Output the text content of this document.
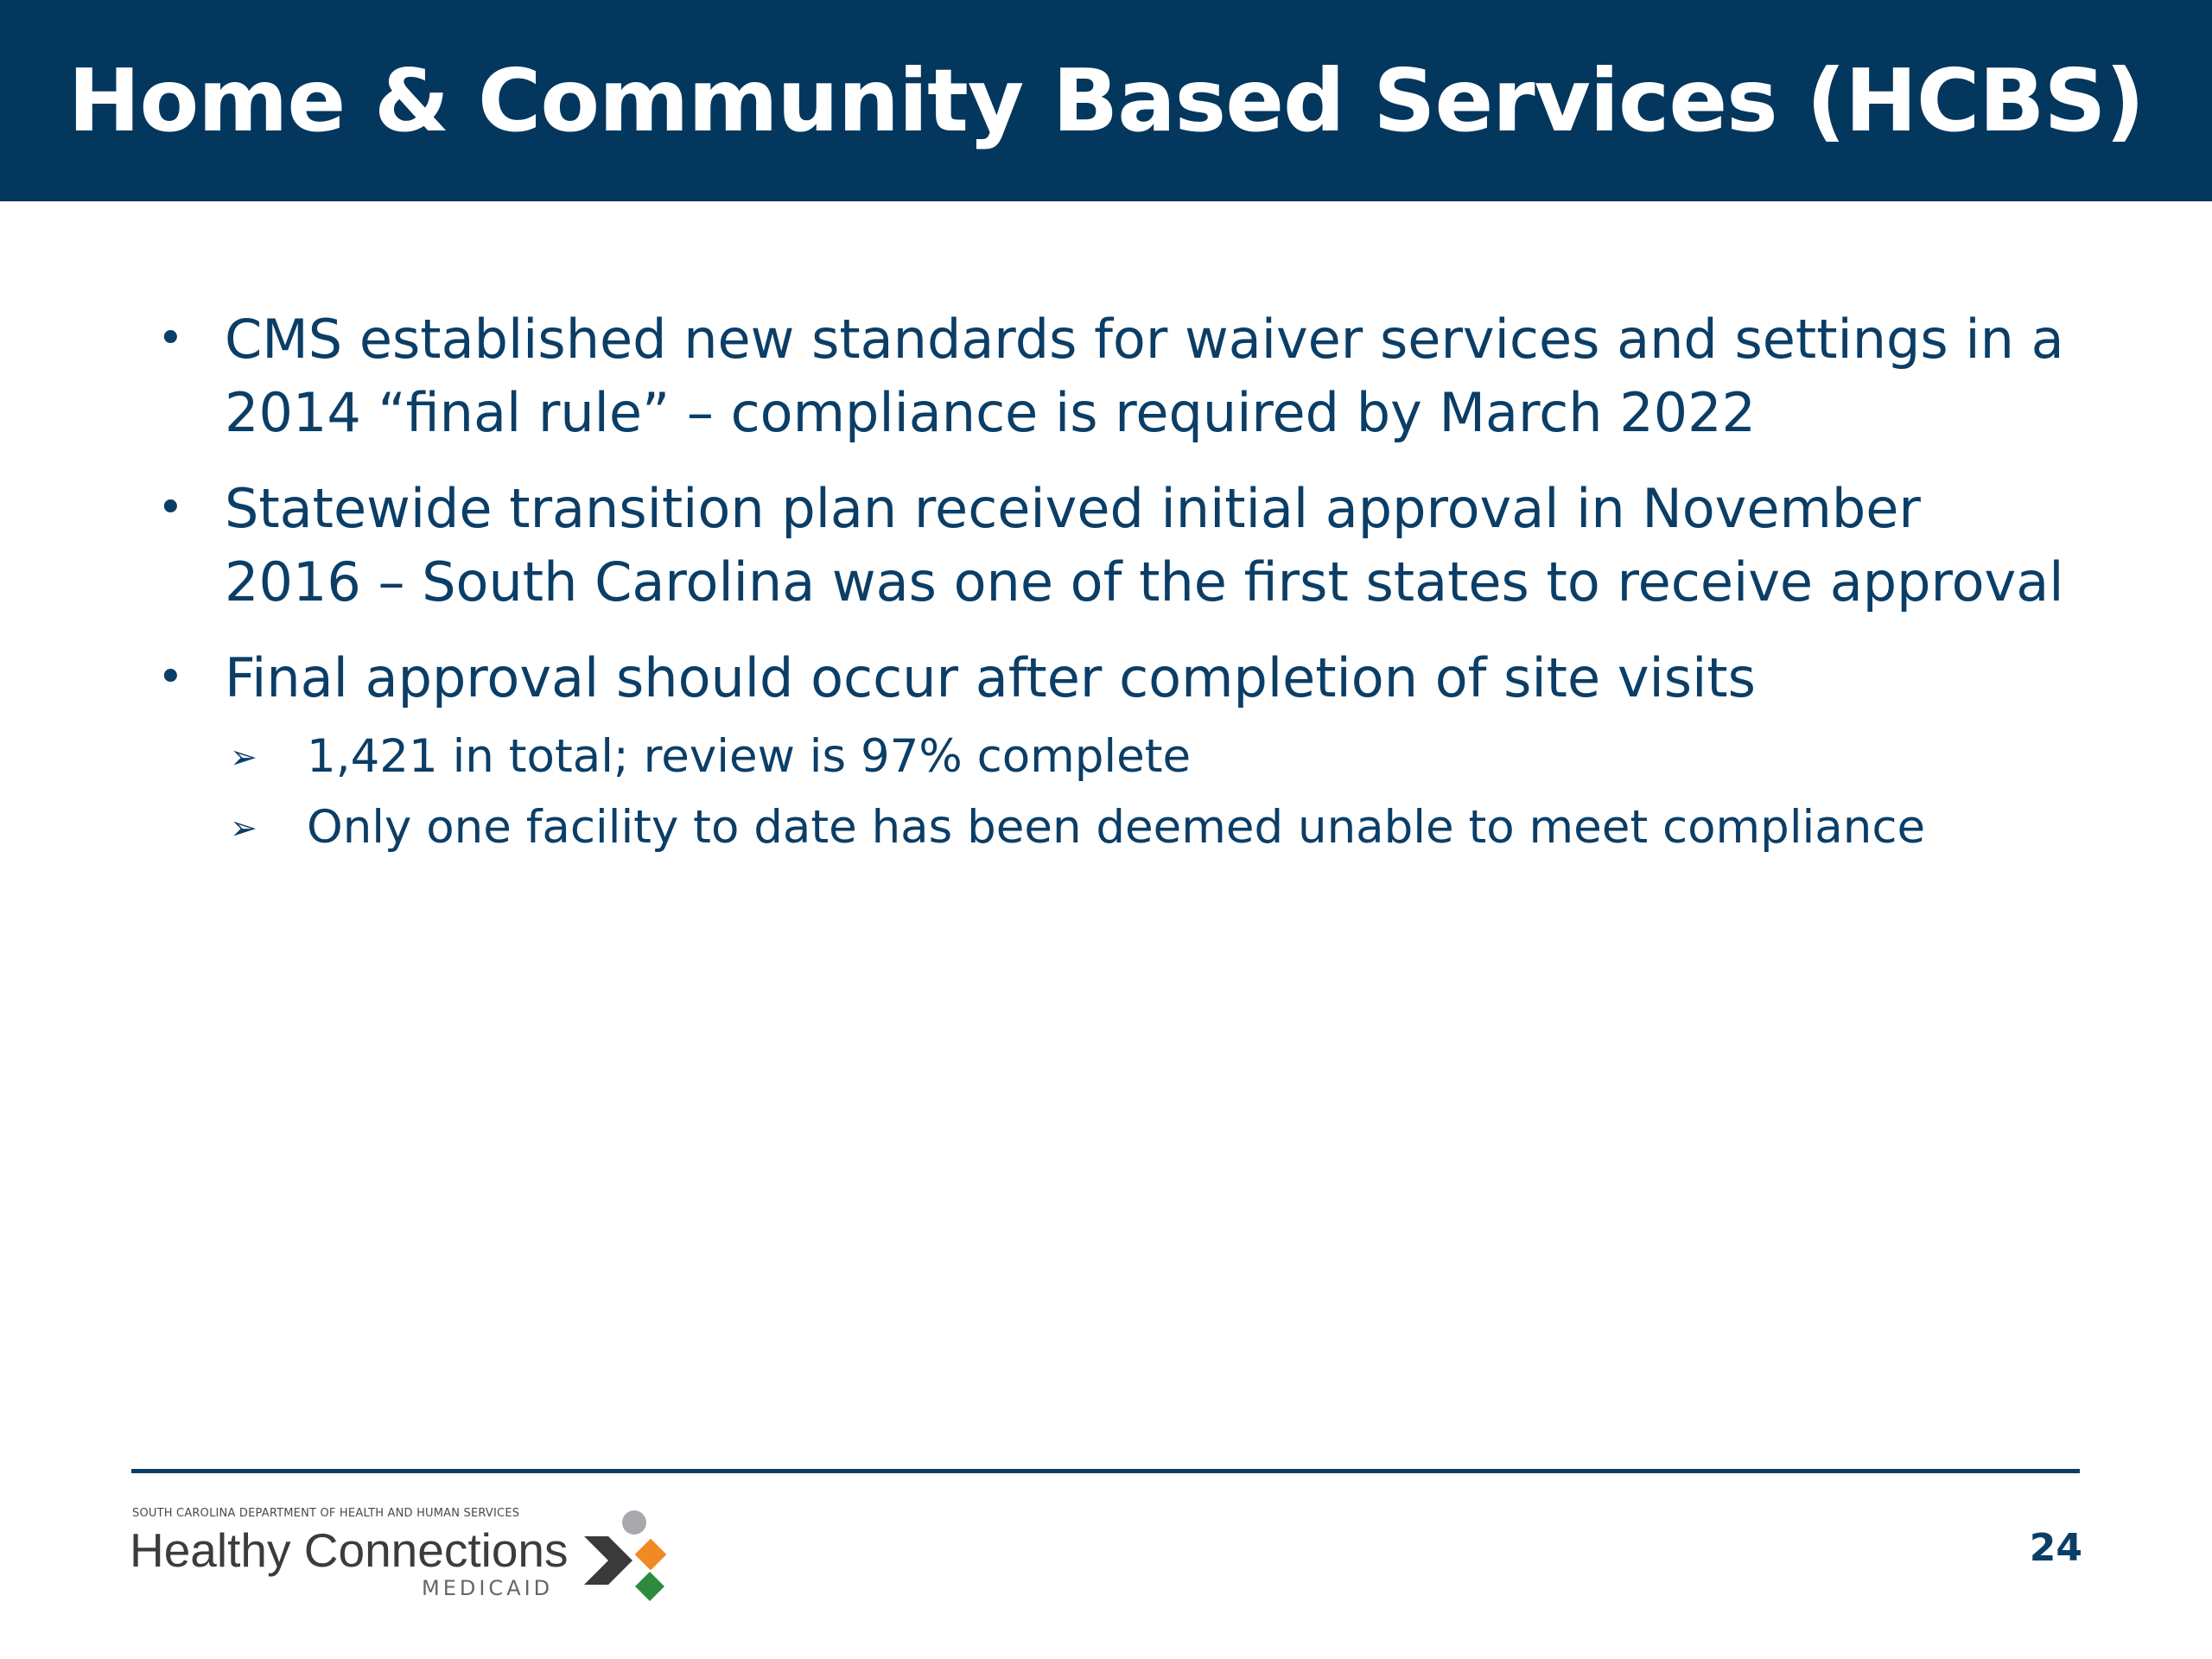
Home & Community Based Services (HCBS)
• CMS established new standards for waiver services and settings in a 2014 “final rule” – compliance is required by March 2022
• Statewide transition plan received initial approval in November 2016 – South Carolina was one of the first states to receive approval
• Final approval should occur after completion of site visits
➢ 1,421 in total; review is 97% complete
➢ Only one facility to date has been deemed unable to meet compliance
SOUTH CAROLINA DEPARTMENT OF HEALTH AND HUMAN SERVICES
Healthy Connections
MEDICAID
24
